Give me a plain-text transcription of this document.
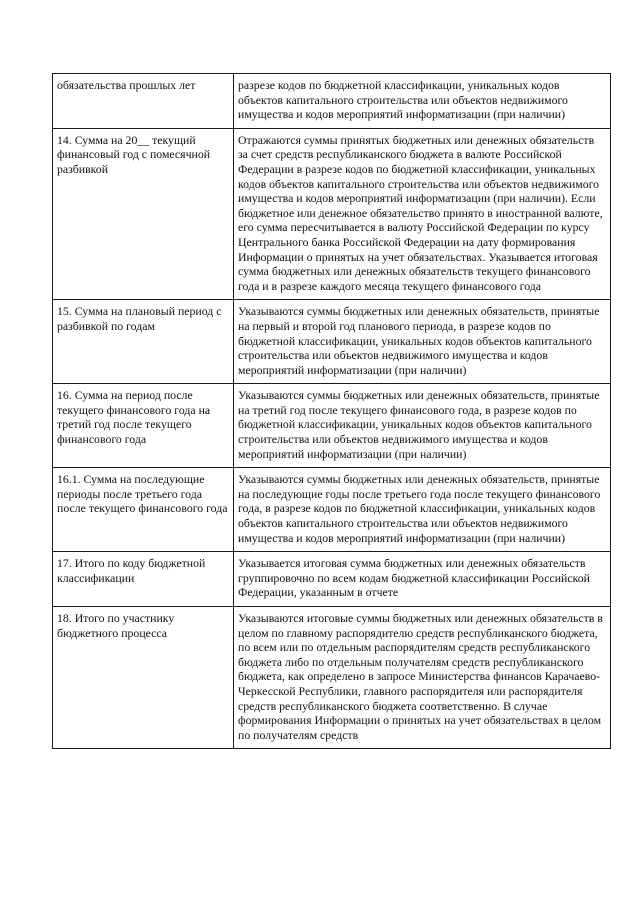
обязательства прошлых лет	разрезе кодов по бюджетной классификации, уникальных кодов объектов капитального строительства или объектов недвижимого имущества и кодов мероприятий информатизации (при наличии)
14. Сумма на 20__ текущий финансовый год с помесячной разбивкой	Отражаются суммы принятых бюджетных или денежных обязательств за счет средств республиканского бюджета в валюте Российской Федерации в разрезе кодов по бюджетной классификации, уникальных кодов объектов капитального строительства или объектов недвижимого имущества и кодов мероприятий информатизации (при наличии). Если бюджетное или денежное обязательство принято в иностранной валюте, его сумма пересчитывается в валюту Российской Федерации по курсу Центрального банка Российской Федерации на дату формирования Информации о принятых на учет обязательствах. Указывается итоговая сумма бюджетных или денежных обязательств текущего финансового года и в разрезе каждого месяца текущего финансового года
15. Сумма на плановый период с разбивкой по годам	Указываются суммы бюджетных или денежных обязательств, принятые на первый и второй год планового периода, в разрезе кодов по бюджетной классификации, уникальных кодов объектов капитального строительства или объектов недвижимого имущества и кодов мероприятий информатизации (при наличии)
16. Сумма на период после текущего финансового года на третий год после текущего финансового года	Указываются суммы бюджетных или денежных обязательств, принятые на третий год после текущего финансового года, в разрезе кодов по бюджетной классификации, уникальных кодов объектов капитального строительства или объектов недвижимого имущества и кодов мероприятий информатизации (при наличии)
16.1. Сумма на последующие периоды после третьего года после текущего финансового года	Указываются суммы бюджетных или денежных обязательств, принятые на последующие годы после третьего года после текущего финансового года, в разрезе кодов по бюджетной классификации, уникальных кодов объектов капитального строительства или объектов недвижимого имущества и кодов мероприятий информатизации (при наличии)
17. Итого по коду бюджетной классификации	Указывается итоговая сумма бюджетных или денежных обязательств группировочно по всем кодам бюджетной классификации Российской Федерации, указанным в отчете
18. Итого по участнику бюджетного процесса	Указываются итоговые суммы бюджетных или денежных обязательств в целом по главному распорядителю средств республиканского бюджета, по всем или по отдельным распорядителям средств республиканского бюджета либо по отдельным получателям средств республиканского бюджета, как определено в запросе Министерства финансов Карачаево-Черкесской Республики, главного распорядителя или распорядителя средств республиканского бюджета соответственно. В случае формирования Информации о принятых на учет обязательствах в целом по получателям средств
